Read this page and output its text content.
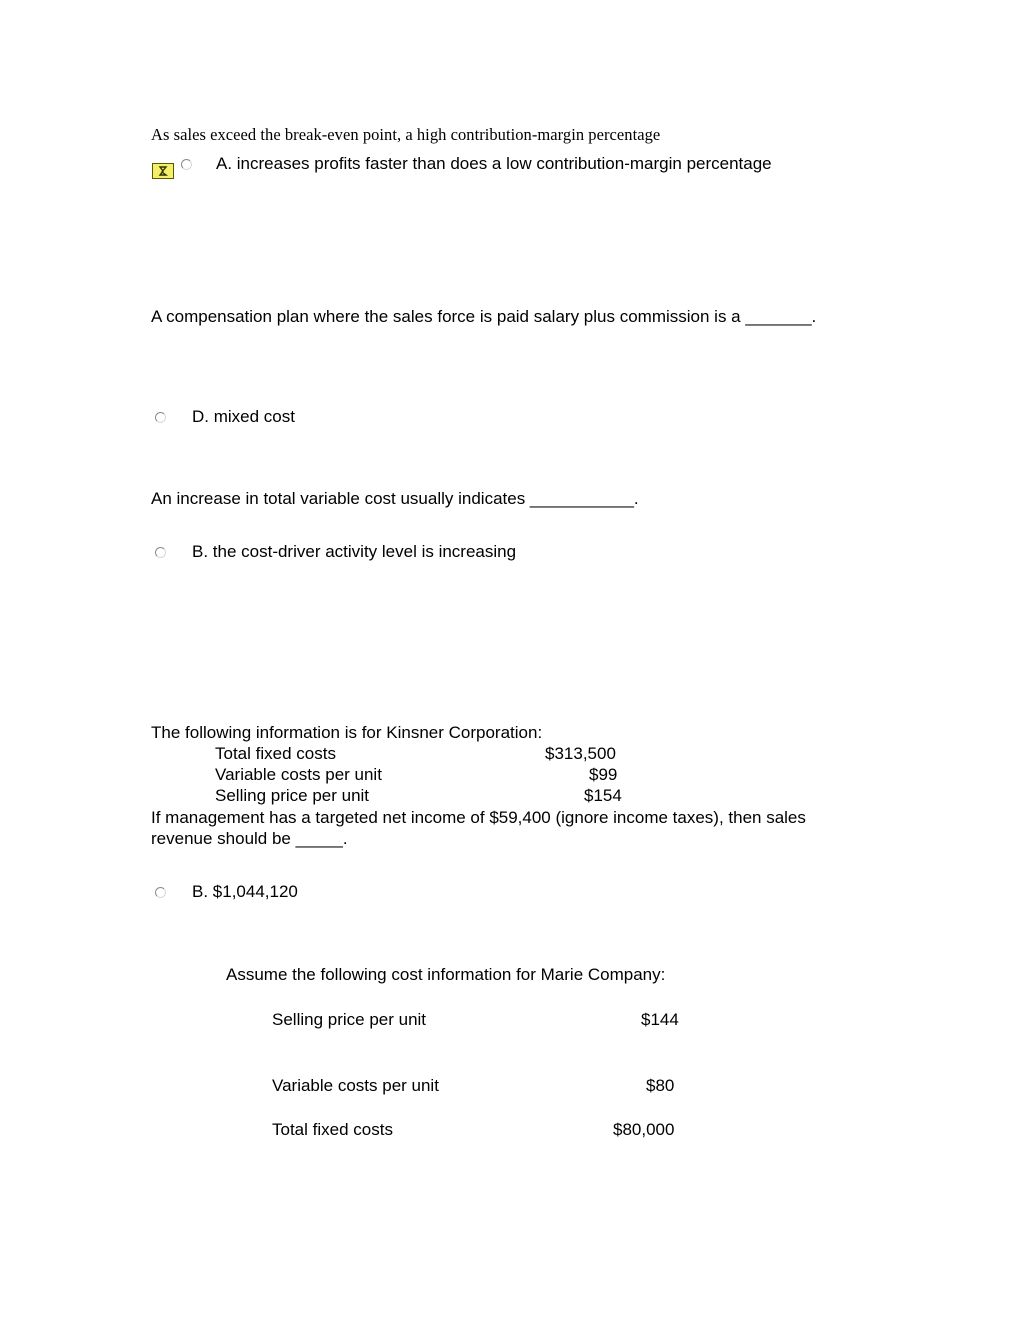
As sales exceed the break-even point, a high contribution-margin percentage
A. increases profits faster than does a low contribution-margin percentage
A compensation plan where the sales force is paid salary plus commission is a _______.
D. mixed cost
An increase in total variable cost usually indicates ___________.
B. the cost-driver activity level is increasing
The following information is for Kinsner Corporation:
Total fixed costs	$313,500
Variable costs per unit	$99
Selling price per unit	$154
If management has a targeted net income of $59,400 (ignore income taxes), then sales
revenue should be _____.
B. $1,044,120
Assume the following cost information for Marie Company:
Selling price per unit	$144
Variable costs per unit	$80
Total fixed costs	$80,000
